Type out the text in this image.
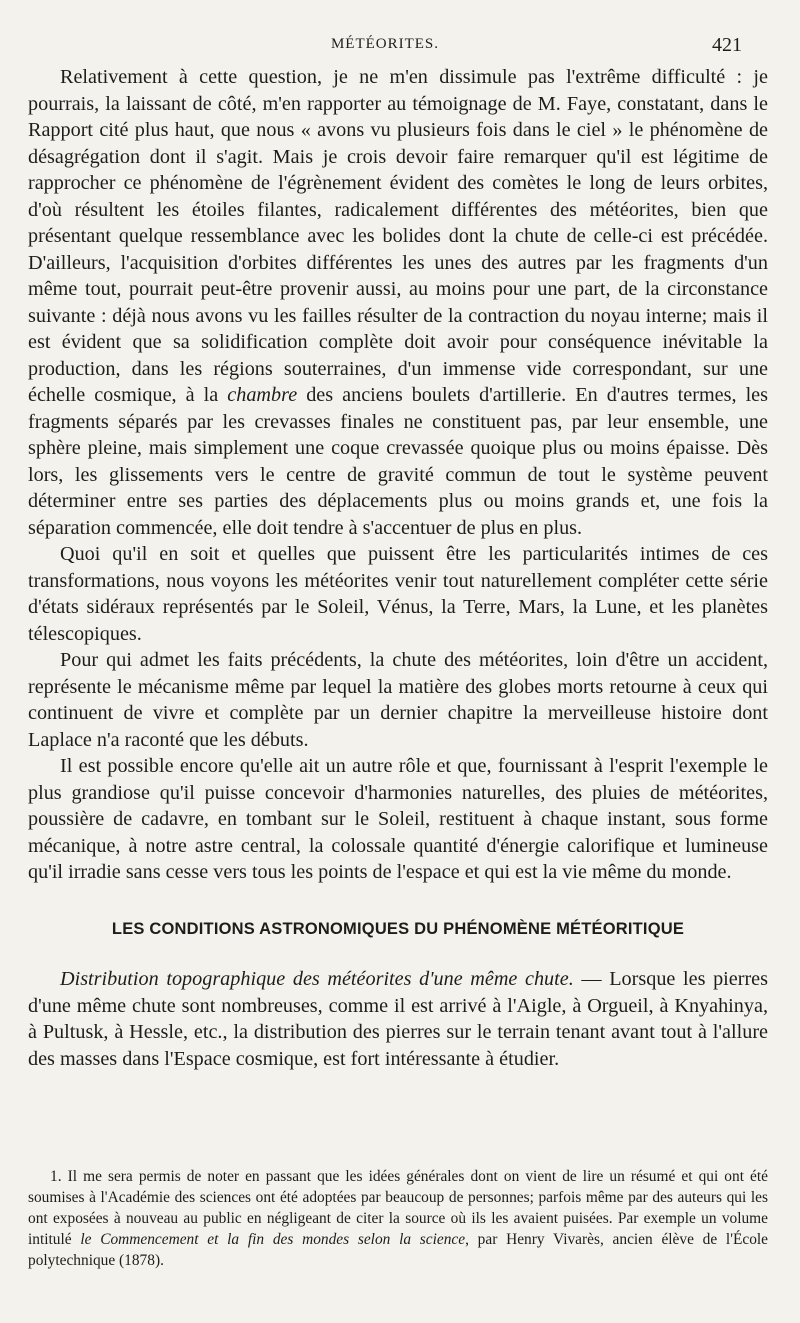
MÉTÉORITES.	421

Relativement à cette question, je ne m'en dissimule pas l'extrême difficulté : je pourrais, la laissant de côté, m'en rapporter au témoignage de M. Faye, constatant, dans le Rapport cité plus haut, que nous « avons vu plusieurs fois dans le ciel » le phénomène de désagrégation dont il s'agit. Mais je crois devoir faire remarquer qu'il est légitime de rapprocher ce phénomène de l'égrènement évident des comètes le long de leurs orbites, d'où résultent les étoiles filantes, radicalement différentes des météorites, bien que présentant quelque ressemblance avec les bolides dont la chute de celle-ci est précédée. D'ailleurs, l'acquisition d'orbites différentes les unes des autres par les fragments d'un même tout, pourrait peut-être provenir aussi, au moins pour une part, de la circonstance suivante : déjà nous avons vu les failles résulter de la contraction du noyau interne; mais il est évident que sa solidification complète doit avoir pour conséquence inévitable la production, dans les régions souterraines, d'un immense vide correspondant, sur une échelle cosmique, à la chambre des anciens boulets d'artillerie. En d'autres termes, les fragments séparés par les crevasses finales ne constituent pas, par leur ensemble, une sphère pleine, mais simplement une coque crevassée quoique plus ou moins épaisse. Dès lors, les glissements vers le centre de gravité commun de tout le système peuvent déterminer entre ses parties des déplacements plus ou moins grands et, une fois la séparation commencée, elle doit tendre à s'accentuer de plus en plus.

Quoi qu'il en soit et quelles que puissent être les particularités intimes de ces transformations, nous voyons les météorites venir tout naturellement compléter cette série d'états sidéraux représentés par le Soleil, Vénus, la Terre, Mars, la Lune, et les planètes télescopiques.

Pour qui admet les faits précédents, la chute des météorites, loin d'être un accident, représente le mécanisme même par lequel la matière des globes morts retourne à ceux qui continuent de vivre et complète par un dernier chapitre la merveilleuse histoire dont Laplace n'a raconté que les débuts.

Il est possible encore qu'elle ait un autre rôle et que, fournissant à l'esprit l'exemple le plus grandiose qu'il puisse concevoir d'harmonies naturelles, des pluies de météorites, poussière de cadavre, en tombant sur le Soleil, restituent à chaque instant, sous forme mécanique, à notre astre central, la colossale quantité d'énergie calorifique et lumineuse qu'il irradie sans cesse vers tous les points de l'espace et qui est la vie même du monde.

LES CONDITIONS ASTRONOMIQUES DU PHÉNOMÈNE MÉTÉORITIQUE

Distribution topographique des météorites d'une même chute. — Lorsque les pierres d'une même chute sont nombreuses, comme il est arrivé à l'Aigle, à Orgueil, à Knyahinya, à Pultusk, à Hessle, etc., la distribution des pierres sur le terrain tenant avant tout à l'allure des masses dans l'Espace cosmique, est fort intéressante à étudier.

1. Il me sera permis de noter en passant que les idées générales dont on vient de lire un résumé et qui ont été soumises à l'Académie des sciences ont été adoptées par beaucoup de personnes; parfois même par des auteurs qui les ont exposées à nouveau au public en négligeant de citer la source où ils les avaient puisées. Par exemple un volume intitulé le Commencement et la fin des mondes selon la science, par Henry Vivarès, ancien élève de l'École polytechnique (1878).
